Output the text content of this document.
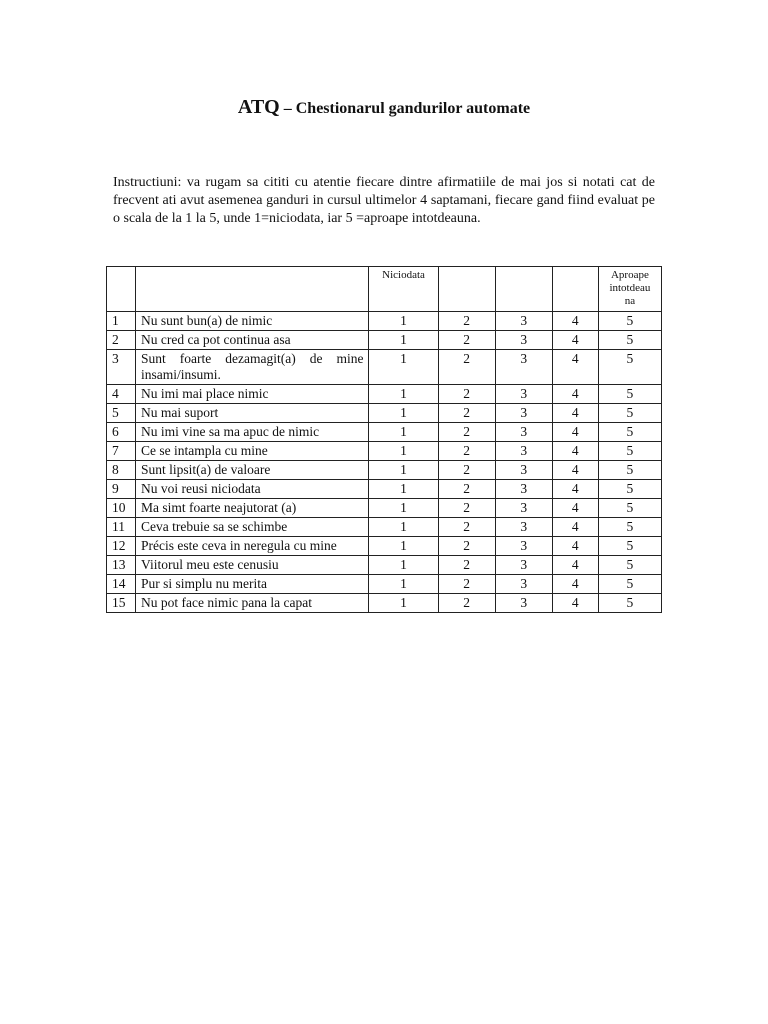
ATQ – Chestionarul gandurilor automate

Instructiuni: va rugam sa cititi cu atentie fiecare dintre afirmatiile de mai jos si notati cat de frecvent ati avut asemenea ganduri in cursul ultimelor 4 saptamani, fiecare gand fiind evaluat pe o scala de la 1 la 5, unde 1=niciodata, iar 5 =aproape intotdeauna.

		Niciodata				Aproape intotdeau na
1	Nu sunt bun(a) de nimic	1	2	3	4	5
2	Nu cred ca pot continua asa	1	2	3	4	5
3	Sunt foarte dezamagit(a) de mine insami/insumi.	1	2	3	4	5
4	Nu imi mai place nimic	1	2	3	4	5
5	Nu mai suport	1	2	3	4	5
6	Nu imi vine sa ma apuc de nimic	1	2	3	4	5
7	Ce se intampla cu mine	1	2	3	4	5
8	Sunt lipsit(a) de valoare	1	2	3	4	5
9	Nu voi reusi niciodata	1	2	3	4	5
10	Ma simt foarte neajutorat (a)	1	2	3	4	5
11	Ceva trebuie sa se schimbe	1	2	3	4	5
12	Précis este ceva in neregula cu mine	1	2	3	4	5
13	Viitorul meu este cenusiu	1	2	3	4	5
14	Pur si simplu nu merita	1	2	3	4	5
15	Nu pot face nimic pana la capat	1	2	3	4	5
